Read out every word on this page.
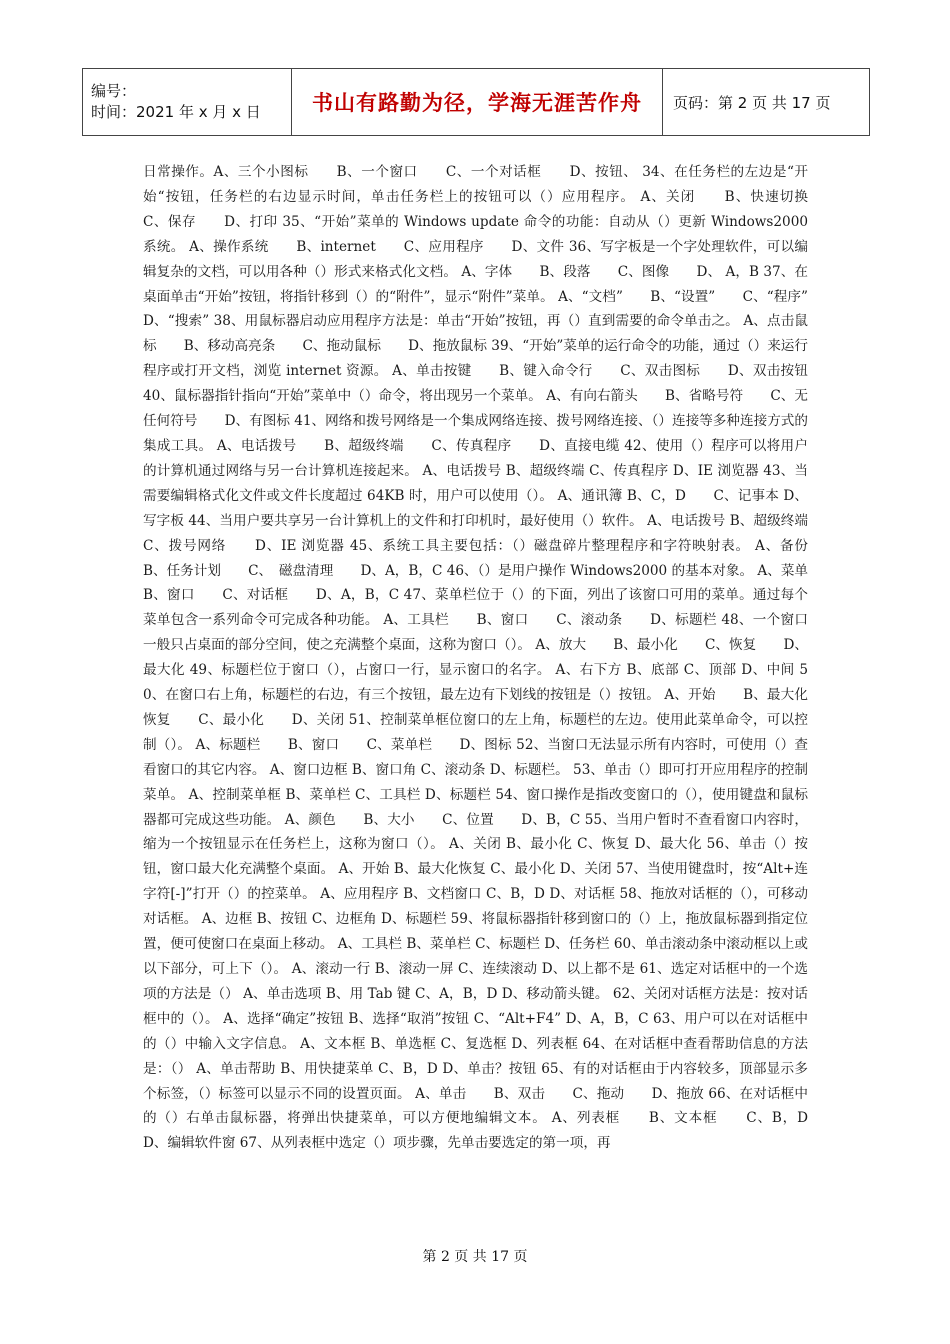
编号：
时间：2021 年 x 月 x 日	书山有路勤为径，学海无涯苦作舟	页码：第 2 页 共 17 页
日常操作。A、三个小图标　　B、一个窗口　　C、一个对话框　　D、按钮、 34、在任务栏的左边是“开始“按钮，任务栏的右边显示时间，单击任务栏上的按钮可以（）应用程序。 A、关闭　　B、快速切换　　C、保存　　D、打印 35、“开始”菜单的 Windows update 命令的功能：自动从（）更新 Windows2000 系统。 A、操作系统　　B、internet　　C、应用程序　　D、文件 36、写字板是一个字处理软件，可以编辑复杂的文档，可以用各种（）形式来格式化文档。 A、字体　　B、段落　　C、图像　　D、 A，B 37、在桌面单击“开始”按钮，将指针移到（）的“附件”，显示“附件”菜单。 A、“文档”　　B、“设置”　　C、“程序”　　D、“搜索” 38、用鼠标器启动应用程序方法是：单击“开始”按钮，再（）直到需要的命令单击之。 A、点击鼠标　　B、移动高亮条　　C、拖动鼠标　　D、拖放鼠标 39、“开始”菜单的运行命令的功能，通过（）来运行程序或打开文档，浏览 internet 资源。 A、单击按键　　B、键入命令行　　C、双击图标　　D、双击按钮 40、鼠标器指针指向“开始”菜单中（）命令，将出现另一个菜单。 A、有向右箭头　　B、省略号符　　C、无任何符号　　D、有图标 41、网络和拨号网络是一个集成网络连接、拨号网络连接、（）连接等多种连接方式的集成工具。 A、电话拨号　　B、超级终端　　C、传真程序　　D、直接电缆 42、使用（）程序可以将用户的计算机通过网络与另一台计算机连接起来。 A、电话拨号 B、超级终端 C、传真程序 D、IE 浏览器 43、当需要编辑格式化文件或文件长度超过 64KB 时，用户可以使用（）。 A、通讯簿 B、C，D　　C、记事本 D、写字板 44、当用户要共享另一台计算机上的文件和打印机时，最好使用（）软件。 A、电话拨号 B、超级终端　　C、拨号网络　　D、IE 浏览器 45、系统工具主要包括：（）磁盘碎片整理程序和字符映射表。 A、备份　　B、任务计划　　C、　磁盘清理　　D、A，B，C 46、（）是用户操作 Windows2000 的基本对象。 A、菜单　　B、窗口　　C、对话框　　D、A，B，C 47、菜单栏位于（）的下面，列出了该窗口可用的菜单。通过每个菜单包含一系列命令可完成各种功能。 A、工具栏　　B、窗口　　C、滚动条　　D、标题栏 48、一个窗口一般只占桌面的部分空间，使之充满整个桌面，这称为窗口（）。 A、放大　　B、最小化　　C、恢复　　D、最大化 49、标题栏位于窗口（），占窗口一行，显示窗口的名字。 A、右下方 B、底部 C、顶部 D、中间 50、在窗口右上角，标题栏的右边，有三个按钮，最左边有下划线的按钮是（）按钮。 A、开始　　B、最大化恢复　　C、最小化　　D、关闭 51、控制菜单框位窗口的左上角，标题栏的左边。使用此菜单命令，可以控制（）。 A、标题栏　　B、窗口　　C、菜单栏　　D、图标 52、当窗口无法显示所有内容时，可使用（）查看窗口的其它内容。 A、窗口边框 B、窗口角 C、滚动条 D、标题栏。 53、单击（）即可打开应用程序的控制菜单。 A、控制菜单框 B、菜单栏 C、工具栏 D、标题栏 54、窗口操作是指改变窗口的（），使用键盘和鼠标器都可完成这些功能。 A、颜色　　B、大小　　C、位置　　D、B，C 55、当用户暂时不查看窗口内容时，缩为一个按钮显示在任务栏上，这称为窗口（）。 A、关闭 B、最小化 C、恢复 D、最大化 56、单击（）按钮，窗口最大化充满整个桌面。 A、开始 B、最大化恢复 C、最小化 D、关闭 57、当使用键盘时，按“Alt+连字符[-]”打开（）的控菜单。 A、应用程序 B、文档窗口 C、B，D D、对话框 58、拖放对话框的（），可移动对话框。 A、边框 B、按钮 C、边框角 D、标题栏 59、将鼠标器指针移到窗口的（）上，拖放鼠标器到指定位置，便可使窗口在桌面上移动。 A、工具栏 B、菜单栏 C、标题栏 D、任务栏 60、单击滚动条中滚动框以上或以下部分，可上下（）。 A、滚动一行 B、滚动一屏 C、连续滚动 D、以上都不是 61、选定对话框中的一个选项的方法是（） A、单击选项 B、用 Tab 键 C、A，B，D D、移动箭头键。 62、关闭对话框方法是：按对话框中的（）。 A、选择“确定”按钮 B、选择“取消”按钮 C、“Alt+F4” D、A，B，C 63、用户可以在对话框中的（）中输入文字信息。 A、文本框 B、单选框 C、复选框 D、列表框 64、在对话框中查看帮助信息的方法是：（） A、单击帮助 B、用快捷菜单 C、B，D D、单击？按钮 65、有的对话框由于内容较多，顶部显示多个标签，（）标签可以显示不同的设置页面。 A、单击　　B、双击　　C、拖动　　D、拖放 66、在对话框中的（）右单击鼠标器，将弹出快捷菜单，可以方便地编辑文本。 A、列表框　　B、文本框　　C、B，D　　D、编辑软件窗 67、从列表框中选定（）项步骤，先单击要选定的第一项，再
第 2 页 共 17 页
